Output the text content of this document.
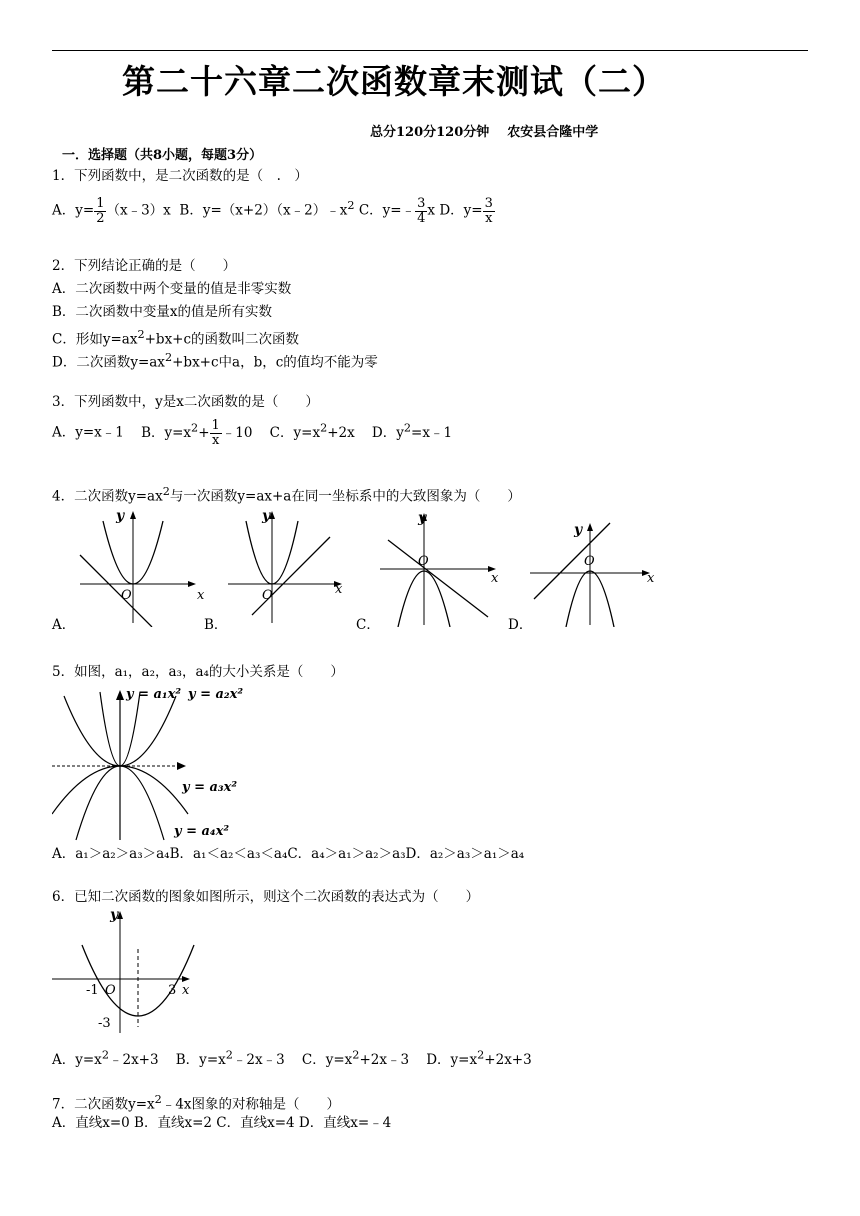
第二十六章二次函数章末测试（二）
总分120分120分钟 农安县合隆中学
一．选择题（共8小题，每题3分）
1．下列函数中，是二次函数的是（　.　）
A．$y= \frac{1}{2}$ （x﹣3）x B．$y=(x+2)(x﹣2)﹣x^2$ C．y=﹣ $\frac{3}{4}$ x D．$y= \frac{3}{x}$
2．下列结论正确的是（　　）
A．二次函数中两个变量的值是非零实数
B．二次函数中变量x的值是所有实数
C．形如$y=ax^2+bx+c$的函数叫二次函数
D．二次函数$y=ax^2+bx+c$中a，b，c的值均不能为零
3．下列函数中，y是x二次函数的是（　　）
A．y=x﹣1 B．$y=x^2+ \frac{1}{x}$ ﹣10 C．$y=x^2+2x$ D．$y^2=x﹣1$
4．二次函数$y=ax^2$与一次函数y=ax+a在同一坐标系中的大致图象为（　　）
y
O	x
y
O	x
y
O
x
y
O
x
A．	B．	C．	D．
5．如图，a₁，a₂，a₃，a₄的大小关系是（　　）
y = a₁x² y = a₂x²
y = a₃x²
y = a₄x²
A．a₁＞a₂＞a₃＞a₄B．a₁＜a₂＜a₃＜a₄C．a₄＞a₁＞a₂＞a₃D．a₂＞a₃＞a₁＞a₄
6．已知二次函数的图象如图所示，则这个二次函数的表达式为（　　）
y
x
O
-1	3
-3
A．$y=x^2﹣2x+3$ B．$y=x^2﹣2x﹣3$ C．$y=x^2+2x﹣3$ D．$y=x^2+2x+3$
7．二次函数$y=x^2﹣4x$图象的对称轴是（　　）
A．直线x=0 B．直线x=2 C．直线x=4 D．直线x=﹣4
